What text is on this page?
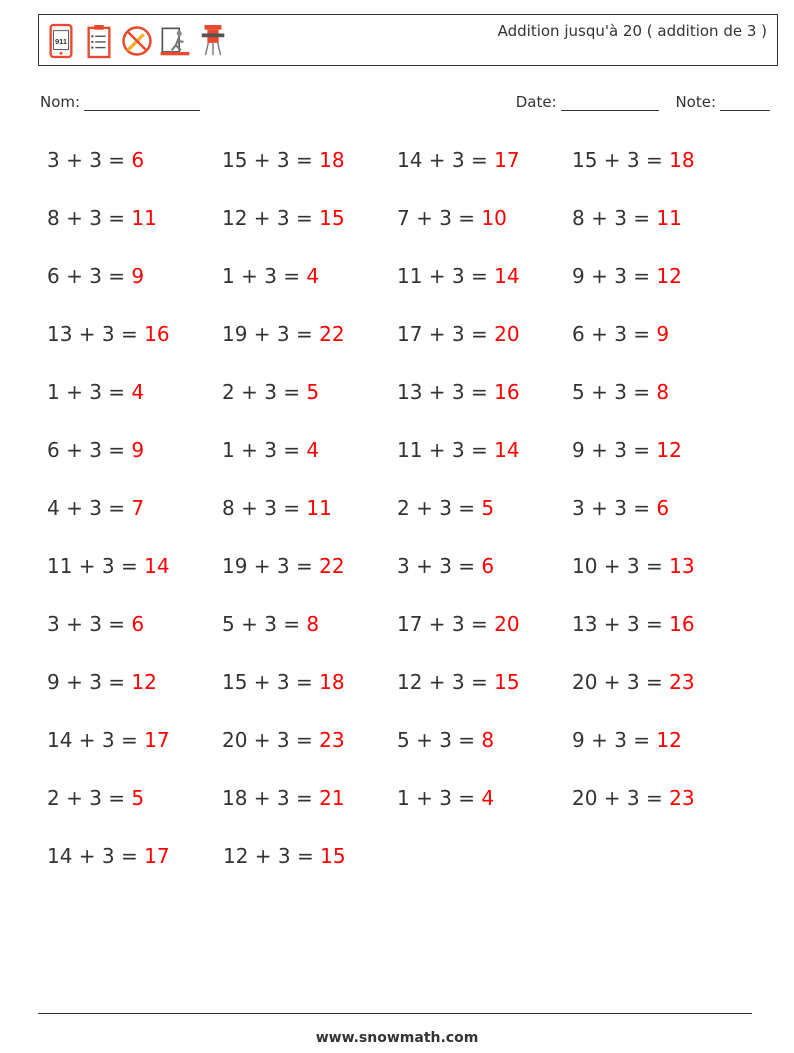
911
Addition jusqu'à 20 ( addition de 3 )
Nom:	Date:	Note:
3 + 3 = 6	15 + 3 = 18	14 + 3 = 17	15 + 3 = 18
8 + 3 = 11	12 + 3 = 15	7 + 3 = 10	8 + 3 = 11
6 + 3 = 9	1 + 3 = 4	11 + 3 = 14	9 + 3 = 12
13 + 3 = 16	19 + 3 = 22	17 + 3 = 20	6 + 3 = 9
1 + 3 = 4	2 + 3 = 5	13 + 3 = 16	5 + 3 = 8
6 + 3 = 9	1 + 3 = 4	11 + 3 = 14	9 + 3 = 12
4 + 3 = 7	8 + 3 = 11	2 + 3 = 5	3 + 3 = 6
11 + 3 = 14	19 + 3 = 22	3 + 3 = 6	10 + 3 = 13
3 + 3 = 6	5 + 3 = 8	17 + 3 = 20	13 + 3 = 16
9 + 3 = 12	15 + 3 = 18	12 + 3 = 15	20 + 3 = 23
14 + 3 = 17	20 + 3 = 23	5 + 3 = 8	9 + 3 = 12
2 + 3 = 5	18 + 3 = 21	1 + 3 = 4	20 + 3 = 23
14 + 3 = 17	12 + 3 = 15
www.snowmath.com
